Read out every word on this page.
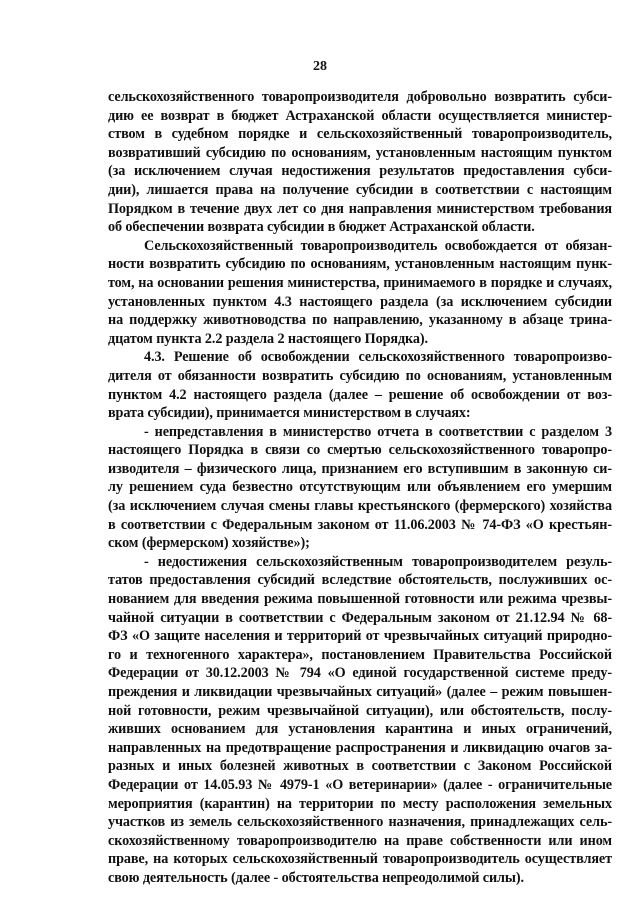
28
сельскохозяйственного товаропроизводителя добровольно возвратить субси-
дию ее возврат в бюджет Астраханской области осуществляется министер-
ством в судебном порядке и сельскохозяйственный товаропроизводитель,
возвративший субсидию по основаниям, установленным настоящим пунктом
(за исключением случая недостижения результатов предоставления субси-
дии), лишается права на получение субсидии в соответствии с настоящим
Порядком в течение двух лет со дня направления министерством требования
об обеспечении возврата субсидии в бюджет Астраханской области.
Сельскохозяйственный товаропроизводитель освобождается от обязан-
ности возвратить субсидию по основаниям, установленным настоящим пунк-
том, на основании решения министерства, принимаемого в порядке и случаях,
установленных пунктом 4.3 настоящего раздела (за исключением субсидии
на поддержку животноводства по направлению, указанному в абзаце трина-
дцатом пункта 2.2 раздела 2 настоящего Порядка).
4.3. Решение об освобождении сельскохозяйственного товаропроизво-
дителя от обязанности возвратить субсидию по основаниям, установленным
пунктом 4.2 настоящего раздела (далее – решение об освобождении от воз-
врата субсидии), принимается министерством в случаях:
- непредставления в министерство отчета в соответствии с разделом 3
настоящего Порядка в связи со смертью сельскохозяйственного товаропро-
изводителя – физического лица, признанием его вступившим в законную си-
лу решением суда безвестно отсутствующим или объявлением его умершим
(за исключением случая смены главы крестьянского (фермерского) хозяйства
в соответствии с Федеральным законом от 11.06.2003 № 74-ФЗ «О крестьян-
ском (фермерском) хозяйстве»);
- недостижения сельскохозяйственным товаропроизводителем резуль-
татов предоставления субсидий вследствие обстоятельств, послуживших ос-
нованием для введения режима повышенной готовности или режима чрезвы-
чайной ситуации в соответствии с Федеральным законом от 21.12.94 № 68-
ФЗ «О защите населения и территорий от чрезвычайных ситуаций природно-
го и техногенного характера», постановлением Правительства Российской
Федерации от 30.12.2003 № 794 «О единой государственной системе преду-
преждения и ликвидации чрезвычайных ситуаций» (далее – режим повышен-
ной готовности, режим чрезвычайной ситуации), или обстоятельств, послу-
живших основанием для установления карантина и иных ограничений,
направленных на предотвращение распространения и ликвидацию очагов за-
разных и иных болезней животных в соответствии с Законом Российской
Федерации от 14.05.93 № 4979-1 «О ветеринарии» (далее - ограничительные
мероприятия (карантин) на территории по месту расположения земельных
участков из земель сельскохозяйственного назначения, принадлежащих сель-
скохозяйственному товаропроизводителю на праве собственности или ином
праве, на которых сельскохозяйственный товаропроизводитель осуществляет
свою деятельность (далее - обстоятельства непреодолимой силы).
